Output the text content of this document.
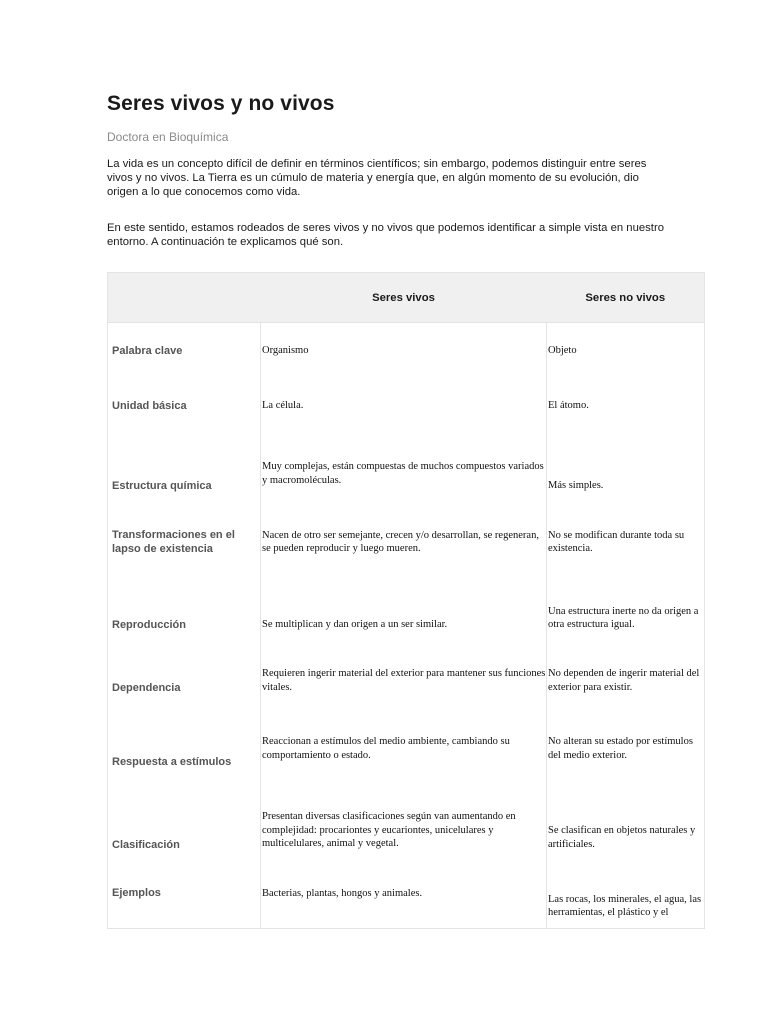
Seres vivos y no vivos
Doctora en Bioquímica

La vida es un concepto difícil de definir en términos científicos; sin embargo, podemos distinguir entre seres vivos y no vivos. La Tierra es un cúmulo de materia y energía que, en algún momento de su evolución, dio origen a lo que conocemos como vida.

En este sentido, estamos rodeados de seres vivos y no vivos que podemos identificar a simple vista en nuestro entorno. A continuación te explicamos qué son.

	Seres vivos	Seres no vivos
Palabra clave	Organismo	Objeto
Unidad básica	La célula.	El átomo.
Estructura química	Muy complejas, están compuestas de muchos compuestos variados y macromoléculas.	Más simples.
Transformaciones en el lapso de existencia	Nacen de otro ser semejante, crecen y/o desarrollan, se regeneran, se pueden reproducir y luego mueren.	No se modifican durante toda su existencia.
Reproducción	Se multiplican y dan origen a un ser similar.	Una estructura inerte no da origen a otra estructura igual.
Dependencia	Requieren ingerir material del exterior para mantener sus funciones vitales.	No dependen de ingerir material del exterior para existir.
Respuesta a estímulos	Reaccionan a estímulos del medio ambiente, cambiando su comportamiento o estado.	No alteran su estado por estímulos del medio exterior.
Clasificación	Presentan diversas clasificaciones según van aumentando en complejidad: procariontes y eucariontes, unicelulares y multicelulares, animal y vegetal.	Se clasifican en objetos naturales y artificiales.
Ejemplos	Bacterias, plantas, hongos y animales.	Las rocas, los minerales, el agua, las herramientas, el plástico y el
